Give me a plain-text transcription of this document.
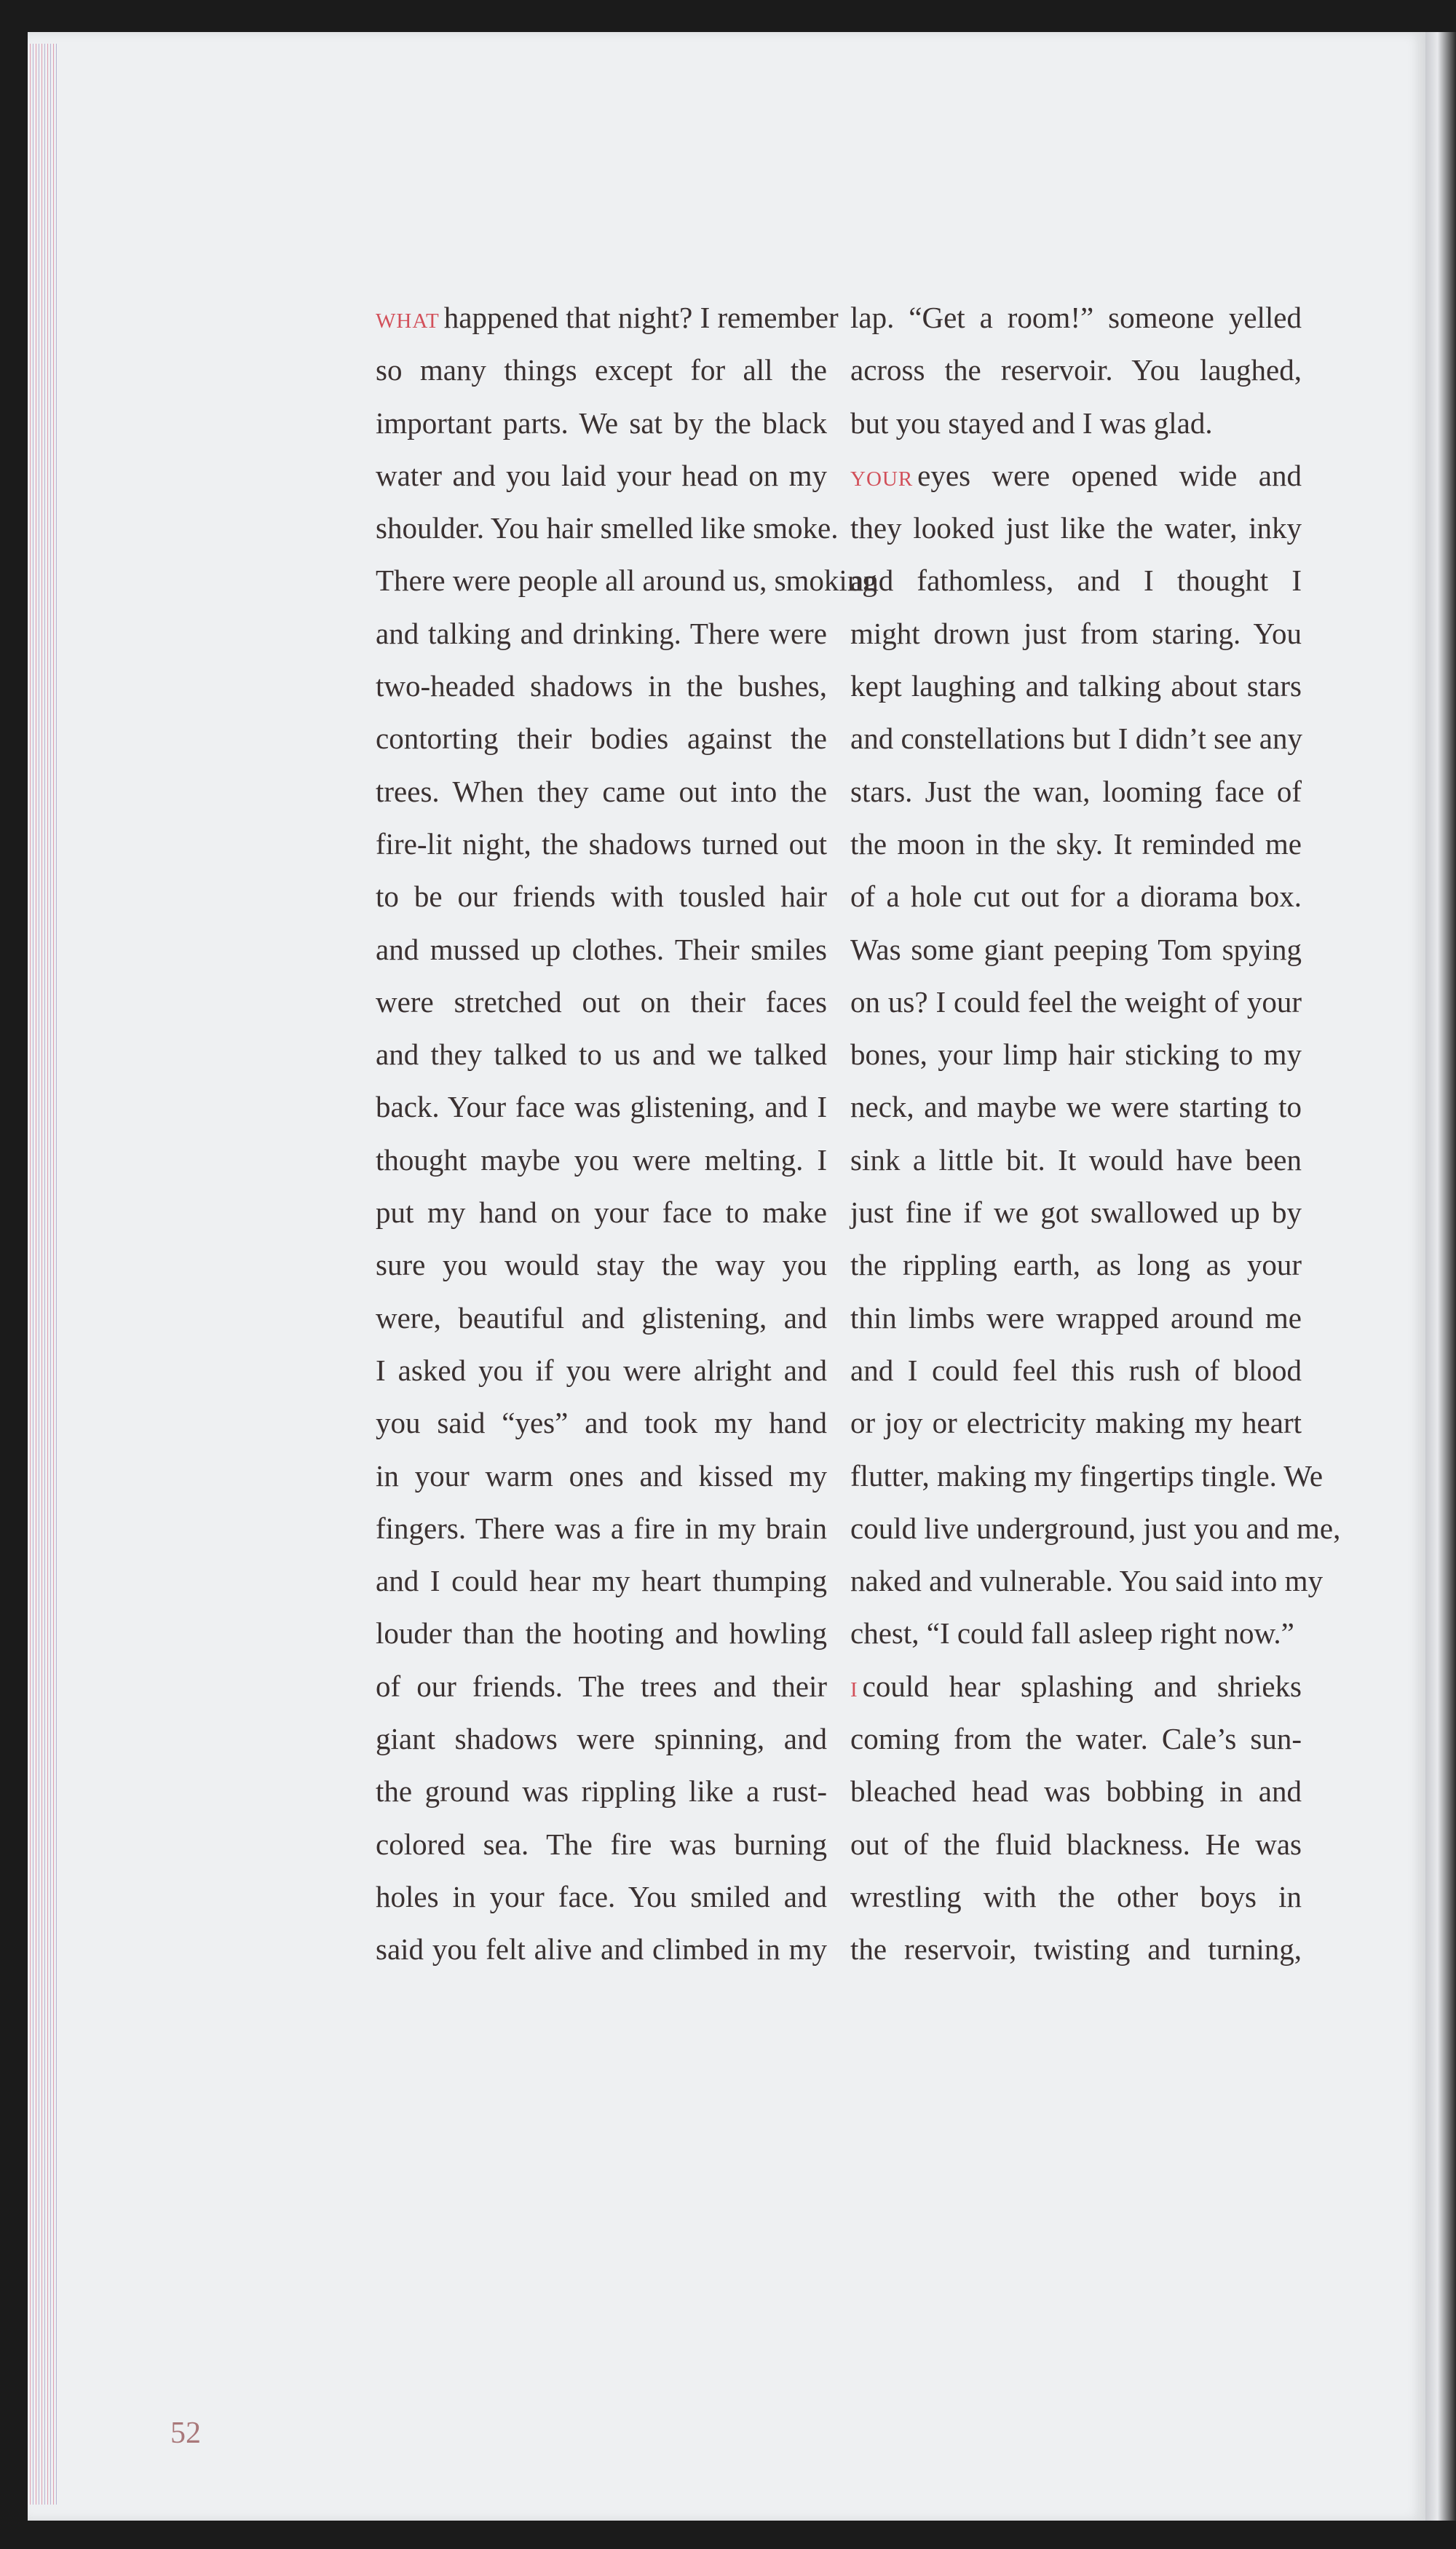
what happened that night? I remember
so many things except for all the
important parts. We sat by the black
water and you laid your head on my
shoulder. You hair smelled like smoke.
There were people all around us, smoking
and talking and drinking. There were
two-headed shadows in the bushes,
contorting their bodies against the
trees. When they came out into the
fire-lit night, the shadows turned out
to be our friends with tousled hair
and mussed up clothes. Their smiles
were stretched out on their faces
and they talked to us and we talked
back. Your face was glistening, and I
thought maybe you were melting. I
put my hand on your face to make
sure you would stay the way you
were, beautiful and glistening, and
I asked you if you were alright and
you said “yes” and took my hand
in your warm ones and kissed my
fingers. There was a fire in my brain
and I could hear my heart thumping
louder than the hooting and howling
of our friends. The trees and their
giant shadows were spinning, and
the ground was rippling like a rust-
colored sea. The fire was burning
holes in your face. You smiled and
said you felt alive and climbed in my
lap. “Get a room!” someone yelled
across the reservoir. You laughed,
but you stayed and I was glad.
your eyes were opened wide and
they looked just like the water, inky
and fathomless, and I thought I
might drown just from staring. You
kept laughing and talking about stars
and constellations but I didn’t see any
stars. Just the wan, looming face of
the moon in the sky. It reminded me
of a hole cut out for a diorama box.
Was some giant peeping Tom spying
on us? I could feel the weight of your
bones, your limp hair sticking to my
neck, and maybe we were starting to
sink a little bit. It would have been
just fine if we got swallowed up by
the rippling earth, as long as your
thin limbs were wrapped around me
and I could feel this rush of blood
or joy or electricity making my heart
flutter, making my fingertips tingle. We
could live underground, just you and me,
naked and vulnerable. You said into my
chest, “I could fall asleep right now.”
i could hear splashing and shrieks
coming from the water. Cale’s sun-
bleached head was bobbing in and
out of the fluid blackness. He was
wrestling with the other boys in
the reservoir, twisting and turning,
52
